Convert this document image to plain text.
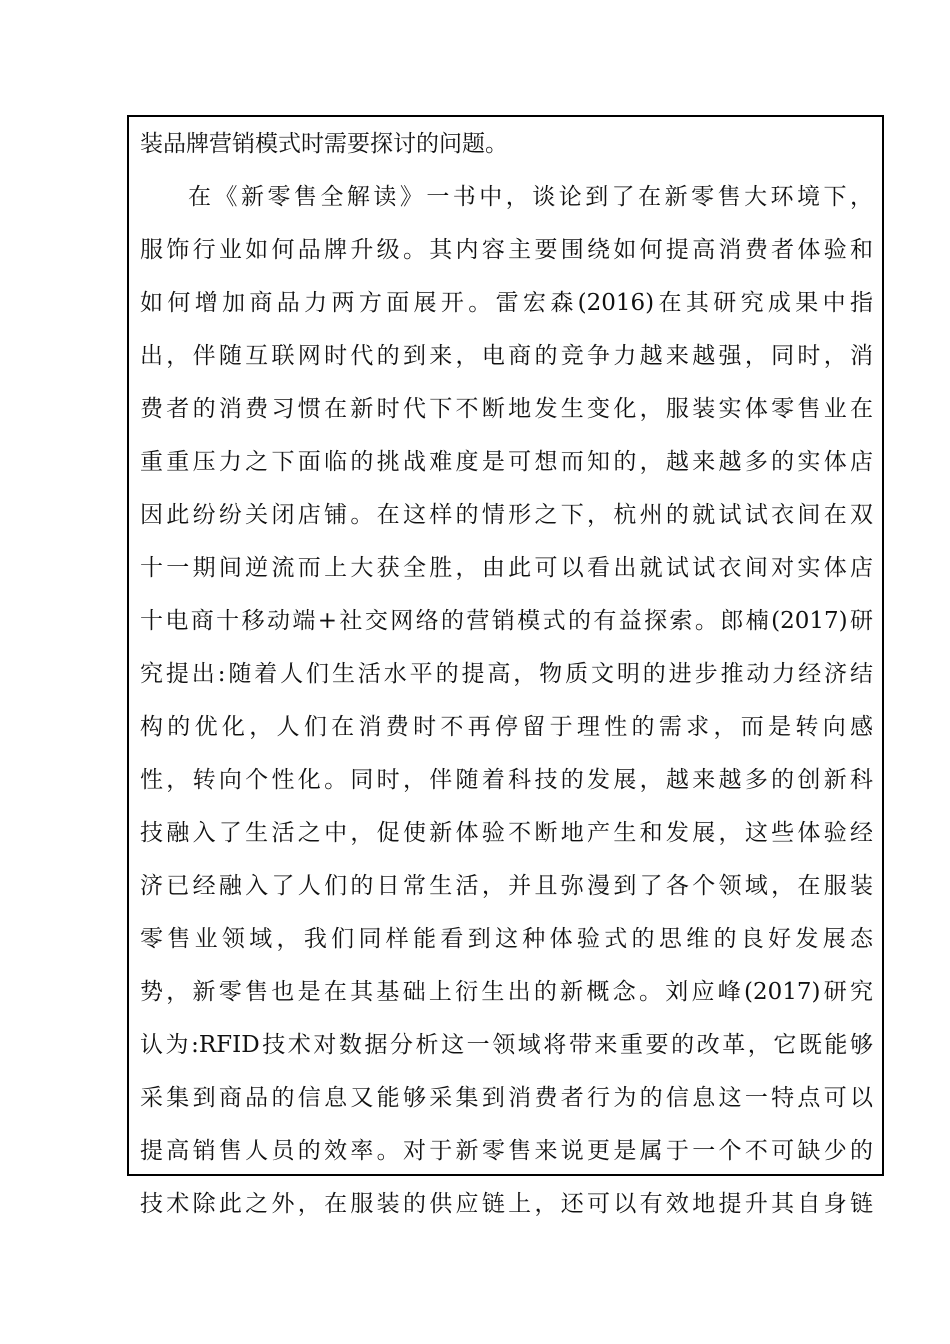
装品牌营销模式时需要探讨的问题。
在《新零售全解读》一书中，谈论到了在新零售大环境下，
服饰行业如何品牌升级。其内容主要围绕如何提高消费者体验和
如何增加商品力两方面展开。雷宏森(2016)在其研究成果中指
出，伴随互联网时代的到来，电商的竞争力越来越强，同时，消
费者的消费习惯在新时代下不断地发生变化，服装实体零售业在
重重压力之下面临的挑战难度是可想而知的，越来越多的实体店
因此纷纷关闭店铺。在这样的情形之下，杭州的就试试衣间在双
十一期间逆流而上大获全胜，由此可以看出就试试衣间对实体店
十电商十移动端+社交网络的营销模式的有益探索。郎楠(2017)研
究提出:随着人们生活水平的提高，物质文明的进步推动力经济结
构的优化，人们在消费时不再停留于理性的需求，而是转向感
性，转向个性化。同时，伴随着科技的发展，越来越多的创新科
技融入了生活之中，促使新体验不断地产生和发展，这些体验经
济已经融入了人们的日常生活，并且弥漫到了各个领域，在服装
零售业领域，我们同样能看到这种体验式的思维的良好发展态
势，新零售也是在其基础上衍生出的新概念。刘应峰(2017)研究
认为:RFID技术对数据分析这一领域将带来重要的改革，它既能够
采集到商品的信息又能够采集到消费者行为的信息这一特点可以
提高销售人员的效率。对于新零售来说更是属于一个不可缺少的
技术除此之外，在服装的供应链上，还可以有效地提升其自身链
